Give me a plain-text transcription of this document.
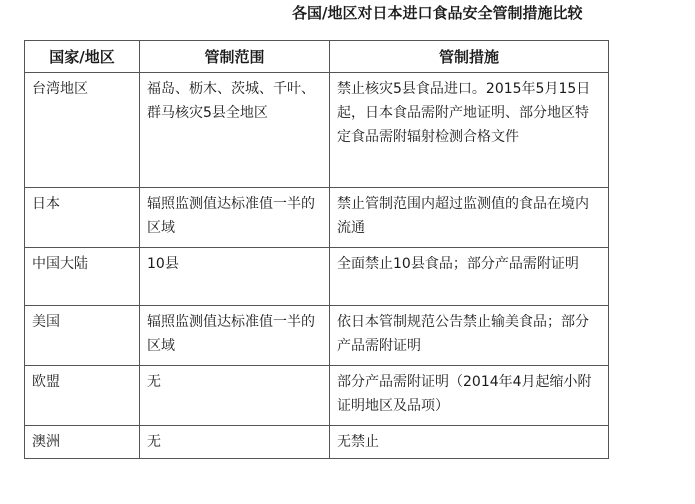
各国/地区对日本进口食品安全管制措施比较
国家/地区	管制范围	管制措施

台湾地区	福岛、枥木、茨城、千叶、群马核灾5县全地区	禁止核灾5县食品进口。2015年5月15日起，日本食品需附产地证明、部分地区特定食品需附辐射检测合格文件

日本	辐照监测值达标准值一半的区域	禁止管制范围内超过监测值的食品在境内流通

中国大陆	10县	全面禁止10县食品；部分产品需附证明

美国	辐照监测值达标准值一半的区域	依日本管制规范公告禁止输美食品；部分产品需附证明

欧盟	无	部分产品需附证明（2014年4月起缩小附证明地区及品项）

澳洲	无	无禁止
